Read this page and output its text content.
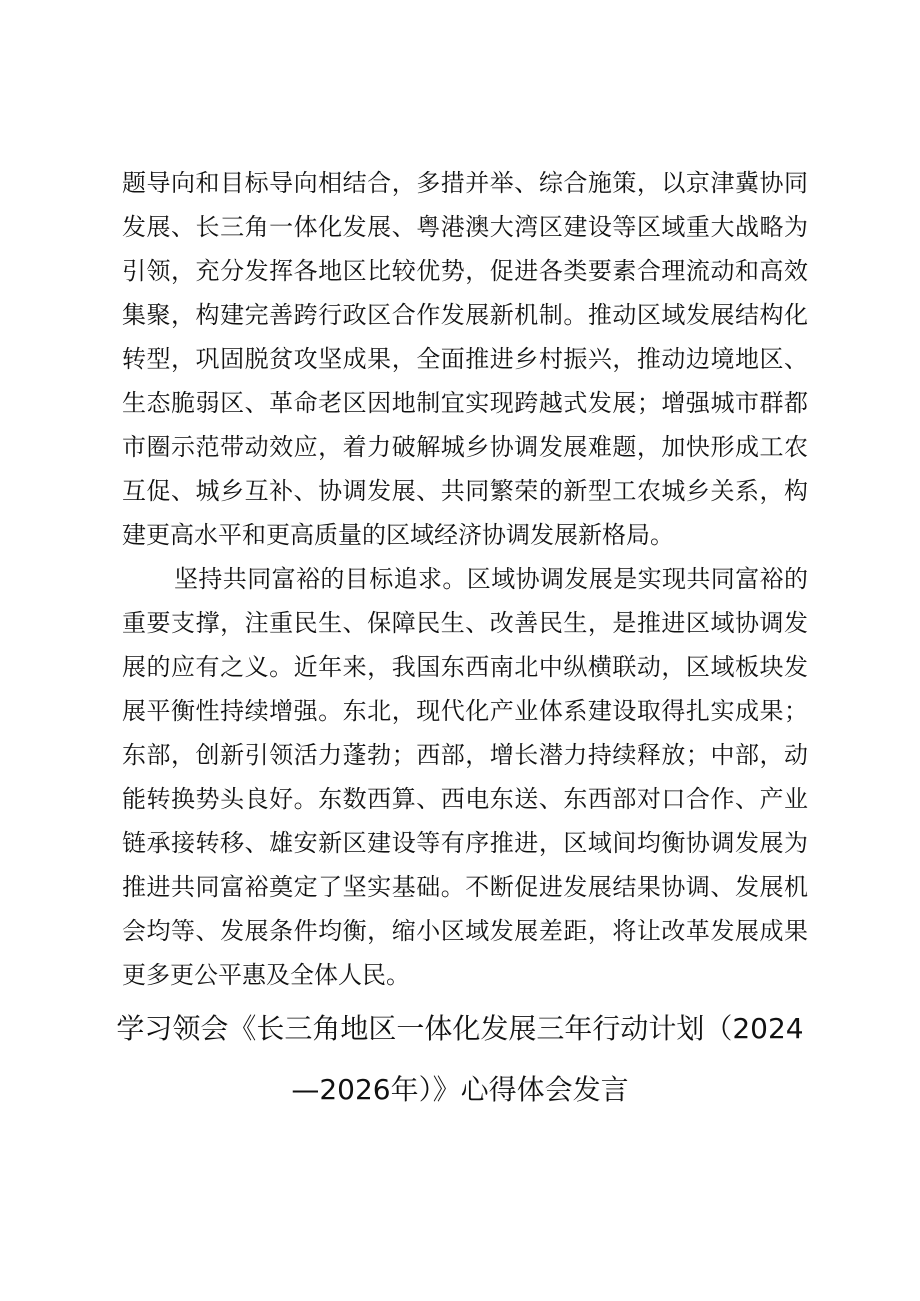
题导向和目标导向相结合，多措并举、综合施策，以京津冀协同
发展、长三角一体化发展、粤港澳大湾区建设等区域重大战略为
引领，充分发挥各地区比较优势，促进各类要素合理流动和高效
集聚，构建完善跨行政区合作发展新机制。推动区域发展结构化
转型，巩固脱贫攻坚成果，全面推进乡村振兴，推动边境地区、
生态脆弱区、革命老区因地制宜实现跨越式发展；增强城市群都
市圈示范带动效应，着力破解城乡协调发展难题，加快形成工农
互促、城乡互补、协调发展、共同繁荣的新型工农城乡关系，构
建更高水平和更高质量的区域经济协调发展新格局。
坚持共同富裕的目标追求。区域协调发展是实现共同富裕的
重要支撑，注重民生、保障民生、改善民生，是推进区域协调发
展的应有之义。近年来，我国东西南北中纵横联动，区域板块发
展平衡性持续增强。东北，现代化产业体系建设取得扎实成果；
东部，创新引领活力蓬勃；西部，增长潜力持续释放；中部，动
能转换势头良好。东数西算、西电东送、东西部对口合作、产业
链承接转移、雄安新区建设等有序推进，区域间均衡协调发展为
推进共同富裕奠定了坚实基础。不断促进发展结果协调、发展机
会均等、发展条件均衡，缩小区域发展差距，将让改革发展成果
更多更公平惠及全体人民。
学习领会《长三角地区一体化发展三年行动计划（2024
—2026年）》心得体会发言
